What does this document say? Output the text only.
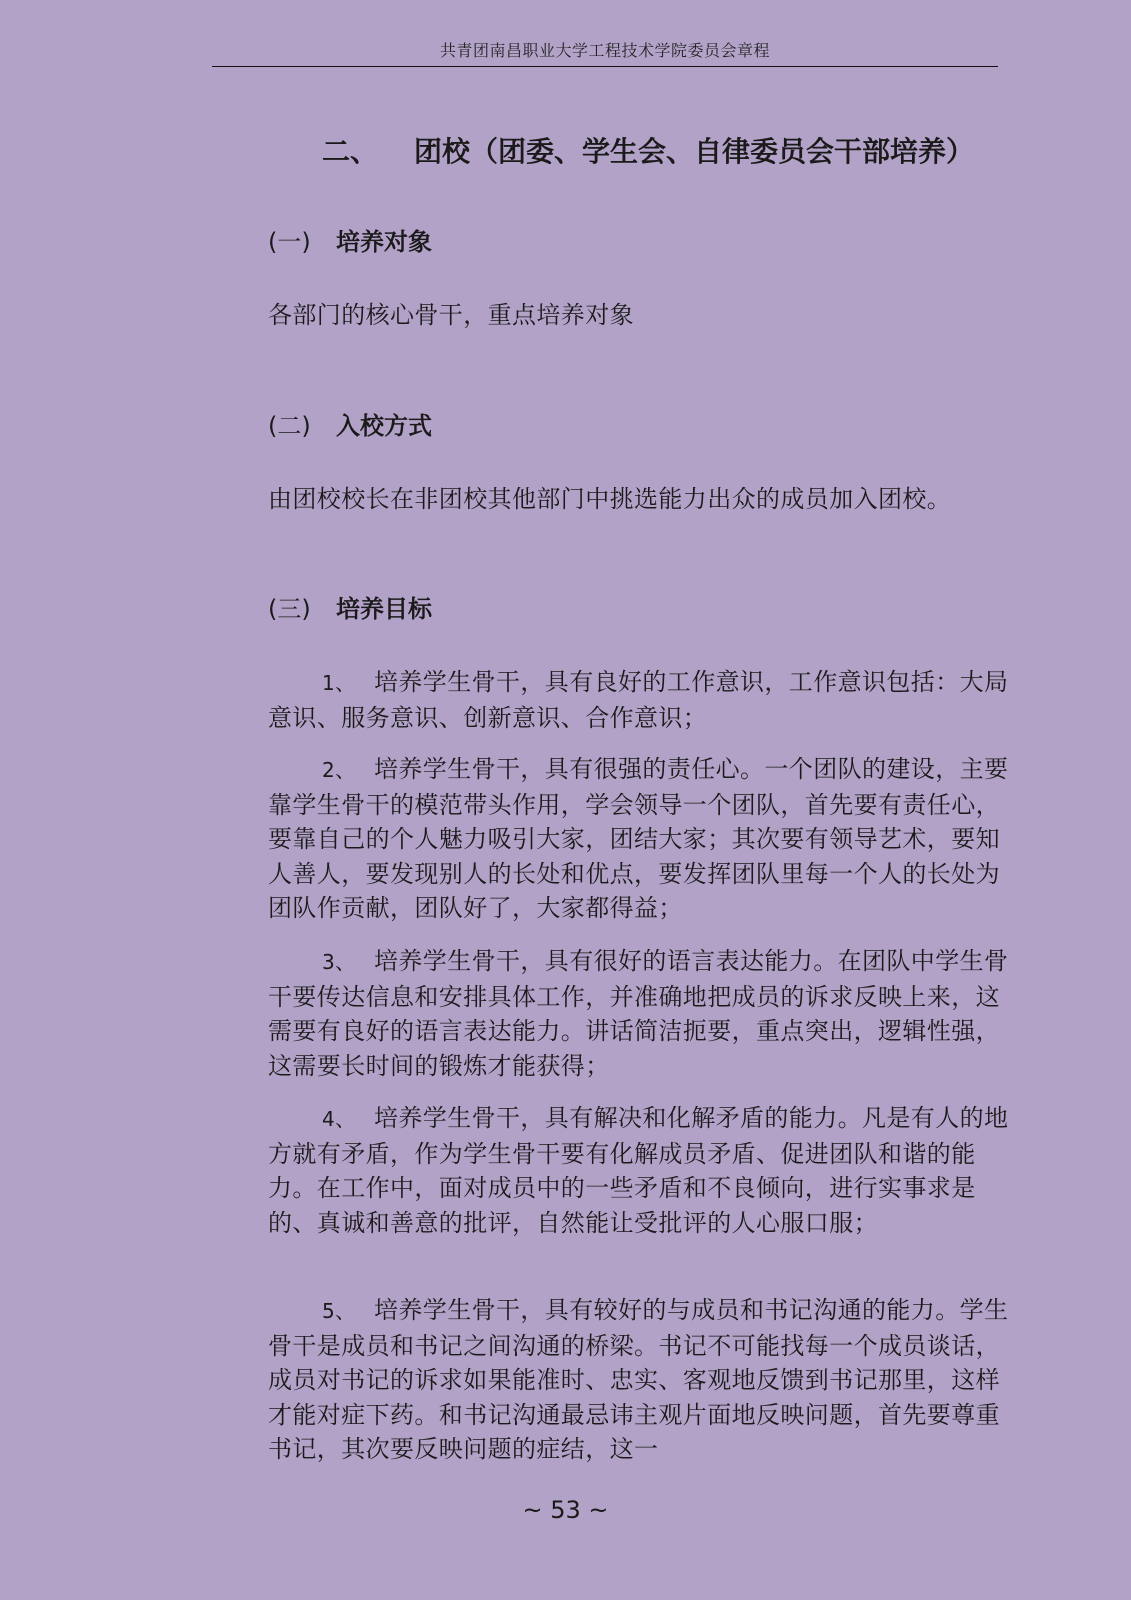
共青团南昌职业大学工程技术学院委员会章程
二、 团校（团委、学生会、自律委员会干部培养）
(一) 培养对象
各部门的核心骨干，重点培养对象
(二) 入校方式
由团校校长在非团校其他部门中挑选能力出众的成员加入团校。
(三) 培养目标
1、 培养学生骨干，具有良好的工作意识，工作意识包括：大局意识、服务意识、创新意识、合作意识；
2、 培养学生骨干，具有很强的责任心。一个团队的建设，主要靠学生骨干的模范带头作用，学会领导一个团队，首先要有责任心，要靠自己的个人魅力吸引大家，团结大家；其次要有领导艺术，要知人善人，要发现别人的长处和优点，要发挥团队里每一个人的长处为团队作贡献，团队好了，大家都得益；
3、 培养学生骨干，具有很好的语言表达能力。在团队中学生骨干要传达信息和安排具体工作，并准确地把成员的诉求反映上来，这需要有良好的语言表达能力。讲话简洁扼要，重点突出，逻辑性强，这需要长时间的锻炼才能获得；
4、 培养学生骨干，具有解决和化解矛盾的能力。凡是有人的地方就有矛盾，作为学生骨干要有化解成员矛盾、促进团队和谐的能力。在工作中，面对成员中的一些矛盾和不良倾向，进行实事求是的、真诚和善意的批评，自然能让受批评的人心服口服；
5、 培养学生骨干，具有较好的与成员和书记沟通的能力。学生骨干是成员和书记之间沟通的桥梁。书记不可能找每一个成员谈话，成员对书记的诉求如果能准时、忠实、客观地反馈到书记那里，这样才能对症下药。和书记沟通最忌讳主观片面地反映问题，首先要尊重书记，其次要反映问题的症结，这一
~ 53 ~
